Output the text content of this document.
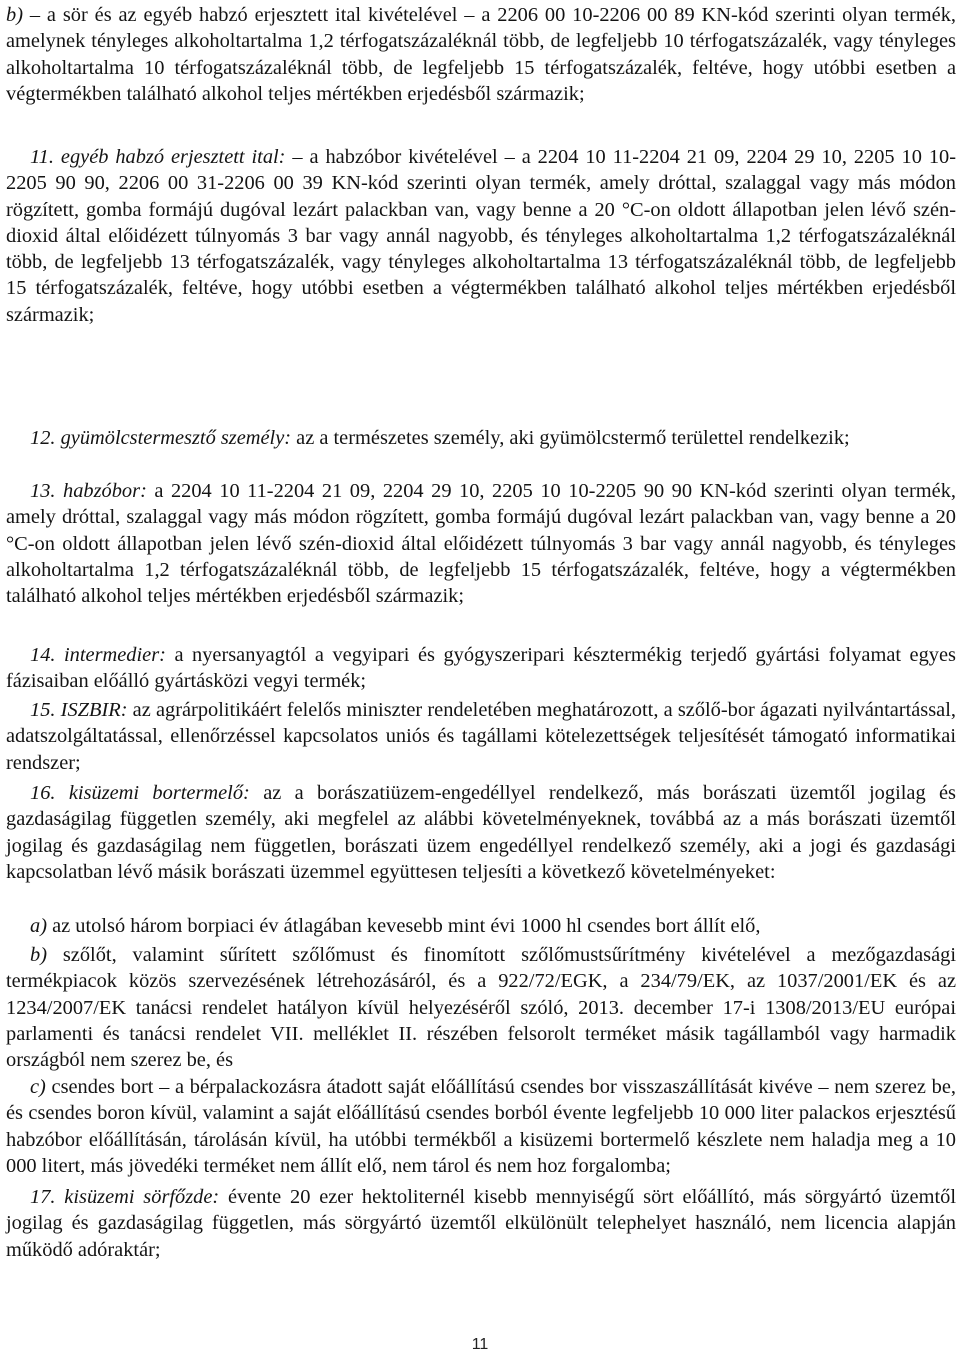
b) – a sör és az egyéb habzó erjesztett ital kivételével – a 2206 00 10-2206 00 89 KN-kód szerinti olyan termék, amelynek tényleges alkoholtartalma 1,2 térfogatszázaléknál több, de legfeljebb 10 térfogatszázalék, vagy tényleges alkoholtartalma 10 térfogatszázaléknál több, de legfeljebb 15 térfogatszázalék, feltéve, hogy utóbbi esetben a végtermékben található alkohol teljes mértékben erjedésből származik;

11. egyéb habzó erjesztett ital: – a habzóbor kivételével – a 2204 10 11-2204 21 09, 2204 29 10, 2205 10 10-2205 90 90, 2206 00 31-2206 00 39 KN-kód szerinti olyan termék, amely dróttal, szalaggal vagy más módon rögzített, gomba formájú dugóval lezárt palackban van, vagy benne a 20 °C-on oldott állapotban jelen lévő szén-dioxid által előidézett túlnyomás 3 bar vagy annál nagyobb, és tényleges alkoholtartalma 1,2 térfogatszázaléknál több, de legfeljebb 13 térfogatszázalék, vagy tényleges alkoholtartalma 13 térfogatszázaléknál több, de legfeljebb 15 térfogatszázalék, feltéve, hogy utóbbi esetben a végtermékben található alkohol teljes mértékben erjedésből származik;

12. gyümölcstermesztő személy: az a természetes személy, aki gyümölcstermő területtel rendelkezik;

13. habzóbor: a 2204 10 11-2204 21 09, 2204 29 10, 2205 10 10-2205 90 90 KN-kód szerinti olyan termék, amely dróttal, szalaggal vagy más módon rögzített, gomba formájú dugóval lezárt palackban van, vagy benne a 20 °C-on oldott állapotban jelen lévő szén-dioxid által előidézett túlnyomás 3 bar vagy annál nagyobb, és tényleges alkoholtartalma 1,2 térfogatszázaléknál több, de legfeljebb 15 térfogatszázalék, feltéve, hogy a végtermékben található alkohol teljes mértékben erjedésből származik;

14. intermedier: a nyersanyagtól a vegyipari és gyógyszeripari késztermékig terjedő gyártási folyamat egyes fázisaiban előálló gyártásközi vegyi termék;

15. ISZBIR: az agrárpolitikáért felelős miniszter rendeletében meghatározott, a szőlő-bor ágazati nyilvántartással, adatszolgáltatással, ellenőrzéssel kapcsolatos uniós és tagállami kötelezettségek teljesítését támogató informatikai rendszer;

16. kisüzemi bortermelő: az a borászatiüzem-engedéllyel rendelkező, más borászati üzemtől jogilag és gazdaságilag független személy, aki megfelel az alábbi követelményeknek, továbbá az a más borászati üzemtől jogilag és gazdaságilag nem független, borászati üzem engedéllyel rendelkező személy, aki a jogi és gazdasági kapcsolatban lévő másik borászati üzemmel együttesen teljesíti a következő követelményeket:

a) az utolsó három borpiaci év átlagában kevesebb mint évi 1000 hl csendes bort állít elő,

b) szőlőt, valamint sűrített szőlőmust és finomított szőlőmustsűrítmény kivételével a mezőgazdasági termékpiacok közös szervezésének létrehozásáról, és a 922/72/EGK, a 234/79/EK, az 1037/2001/EK és az 1234/2007/EK tanácsi rendelet hatályon kívül helyezéséről szóló, 2013. december 17-i 1308/2013/EU európai parlamenti és tanácsi rendelet VII. melléklet II. részében felsorolt terméket másik tagállamból vagy harmadik országból nem szerez be, és

c) csendes bort – a bérpalackozásra átadott saját előállítású csendes bor visszaszállítását kivéve – nem szerez be, és csendes boron kívül, valamint a saját előállítású csendes borból évente legfeljebb 10 000 liter palackos erjesztésű habzóbor előállításán, tárolásán kívül, ha utóbbi termékből a kisüzemi bortermelő készlete nem haladja meg a 10 000 litert, más jövedéki terméket nem állít elő, nem tárol és nem hoz forgalomba;

17. kisüzemi sörfőzde: évente 20 ezer hektoliternél kisebb mennyiségű sört előállító, más sörgyártó üzemtől jogilag és gazdaságilag független, más sörgyártó üzemtől elkülönült telephelyet használó, nem licencia alapján működő adóraktár;

11
